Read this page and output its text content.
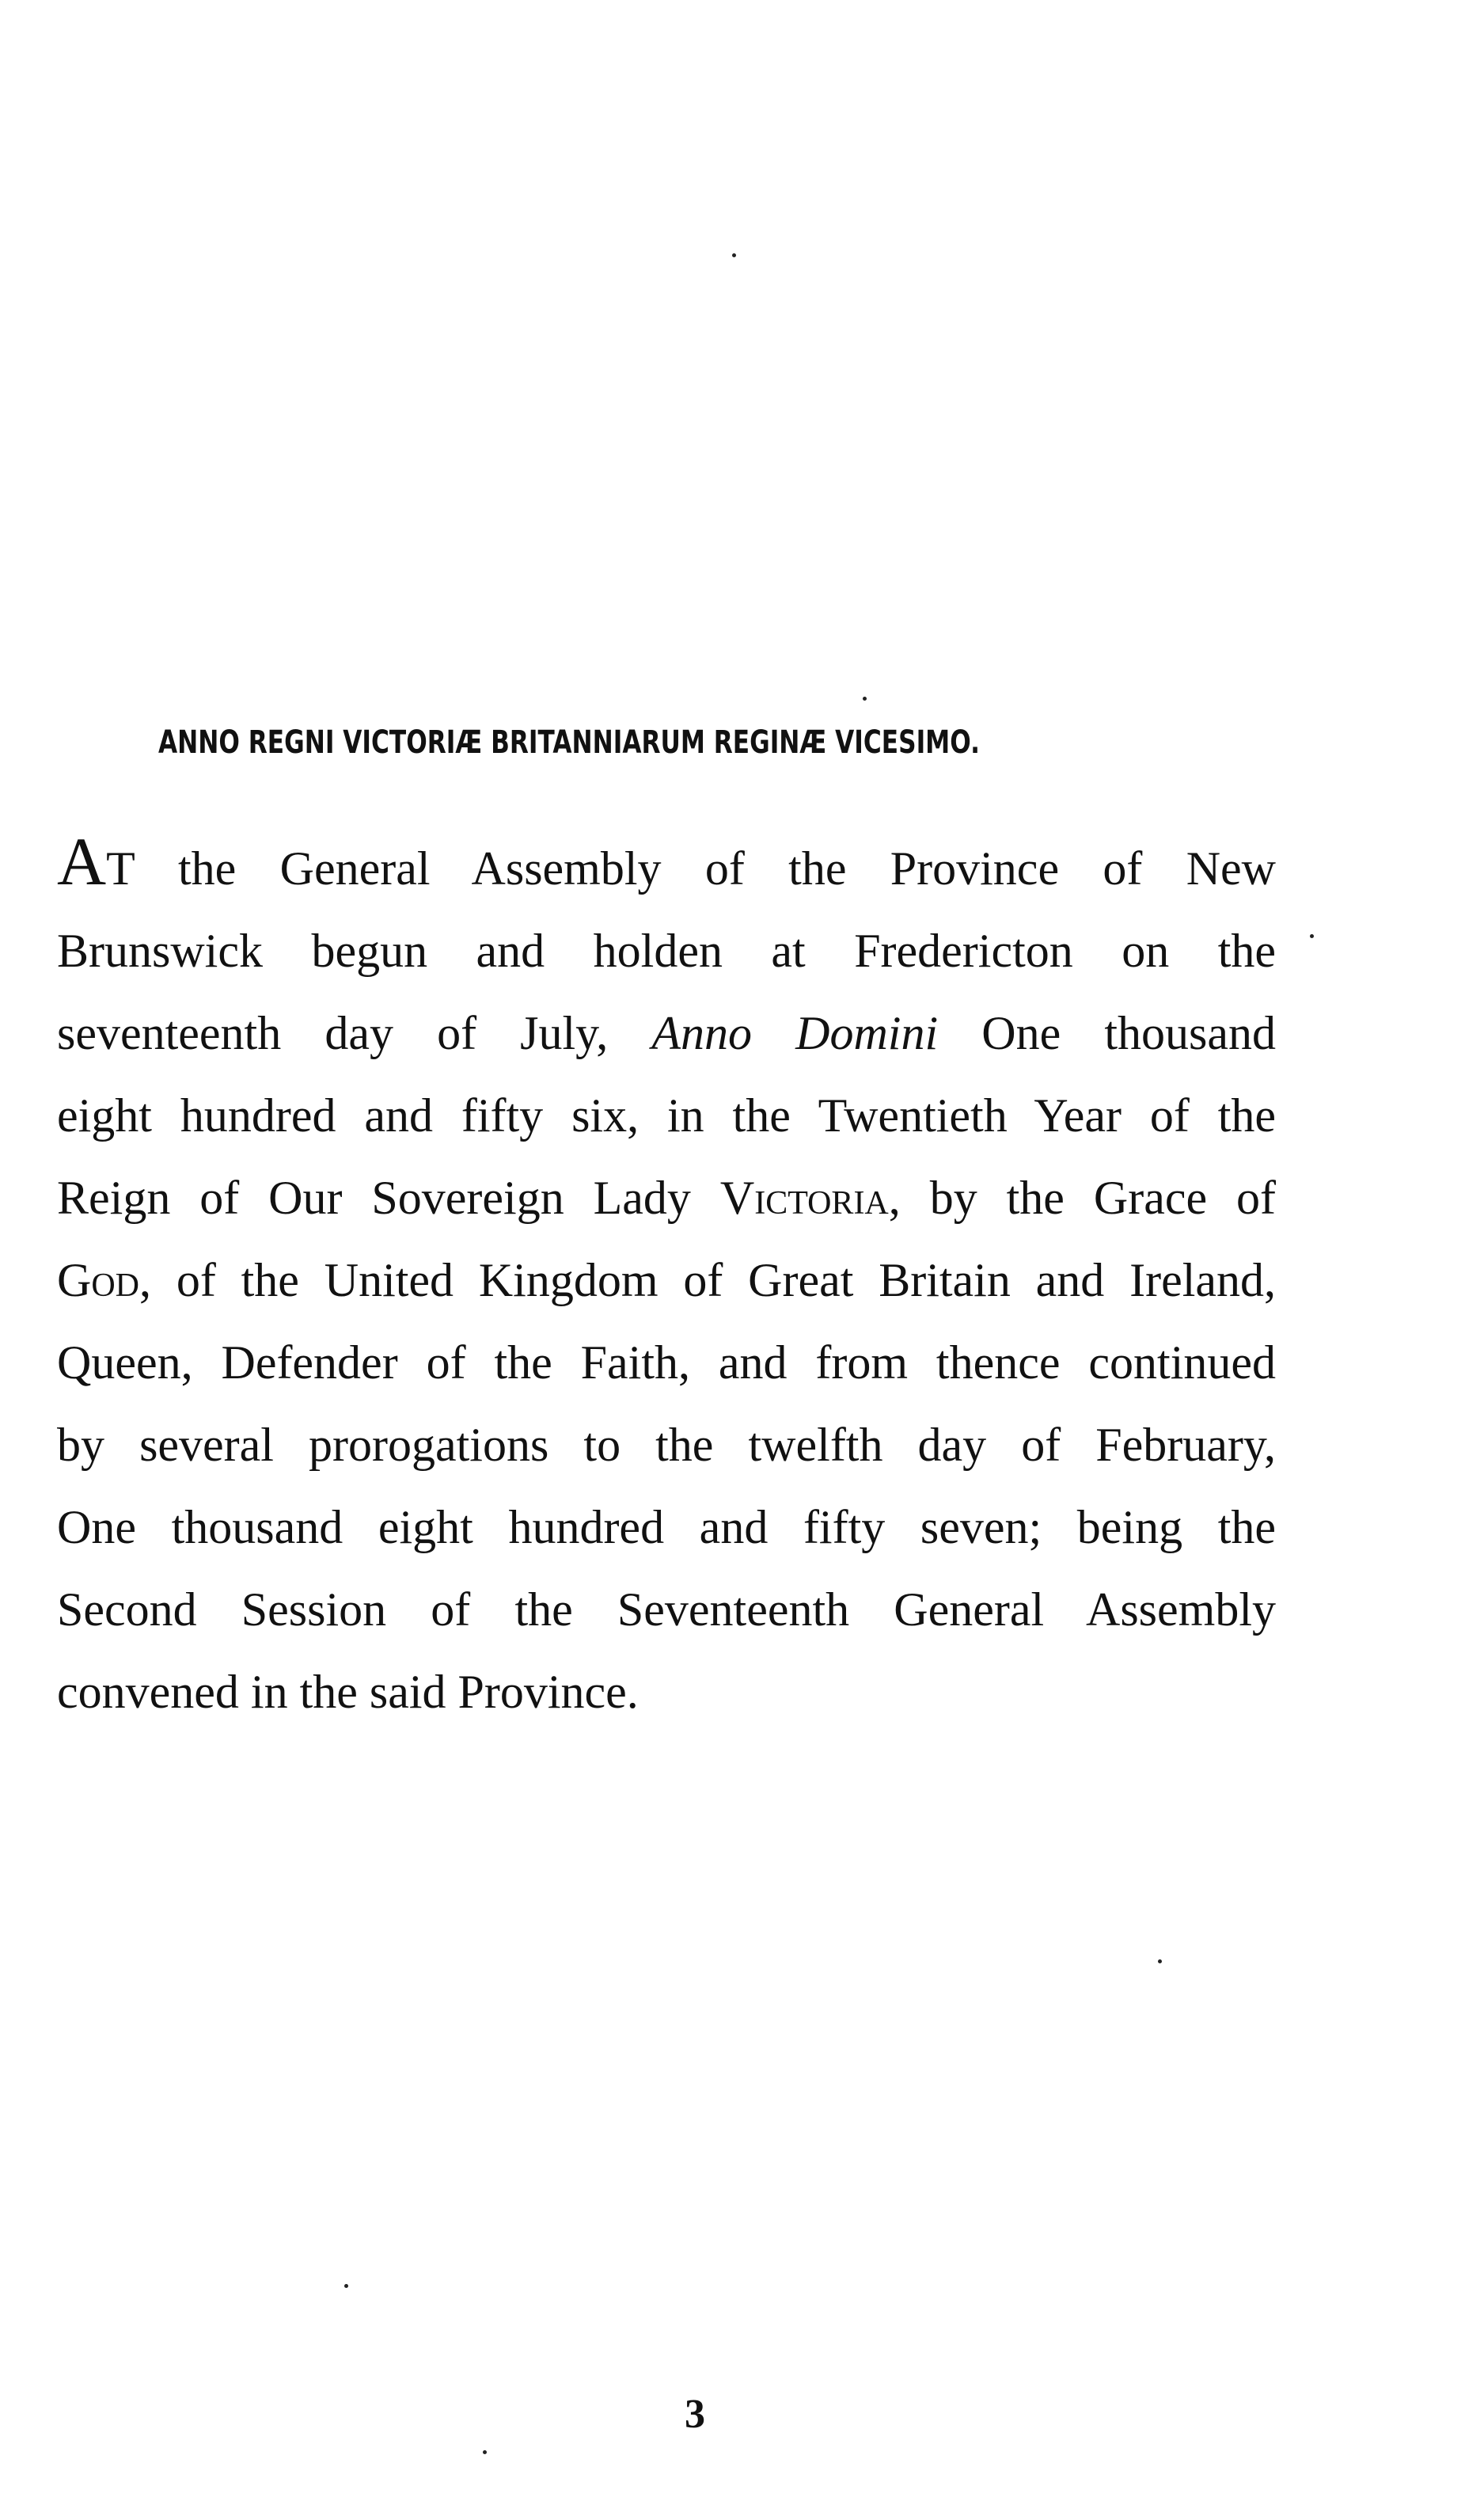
ANNO REGNI VICTORIÆ BRITANNIARUM REGINÆ VICESIMO.
AT the General Assembly of the Province of New
Brunswick begun and holden at Fredericton on the
seventeenth day of July, Anno Domini One thousand
eight hundred and fifty six, in the Twentieth Year of the
Reign of Our Sovereign Lady Victoria, by the Grace of
God, of the United Kingdom of Great Britain and Ireland,
Queen, Defender of the Faith, and from thence continued
by several prorogations to the twelfth day of February,
One thousand eight hundred and fifty seven; being the
Second Session of the Seventeenth General Assembly
convened in the said Province.
3
